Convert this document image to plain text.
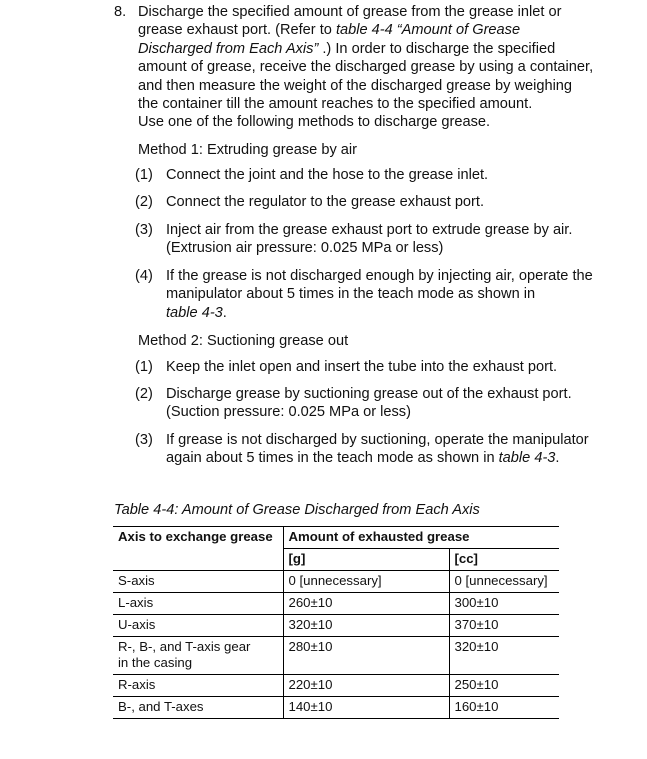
8. Discharge the specified amount of grease from the grease inlet or

grease exhaust port. (Refer to table 4-4 “Amount of Grease

Discharged from Each Axis” .) In order to discharge the specified

amount of grease, receive the discharged grease by using a container,

and then measure the weight of the discharged grease by weighing

the container till the amount reaches to the specified amount.

Use one of the following methods to discharge grease.

Method 1: Extruding grease by air
(1) Connect the joint and the hose to the grease inlet.
(2) Connect the regulator to the grease exhaust port.
(3) Inject air from the grease exhaust port to extrude grease by air.
(Extrusion air pressure: 0.025 MPa or less)
(4) If the grease is not discharged enough by injecting air, operate the
manipulator about 5 times in the teach mode as shown in
table 4-3.
Method 2: Suctioning grease out
(1) Keep the inlet open and insert the tube into the exhaust port.
(2) Discharge grease by suctioning grease out of the exhaust port.
(Suction pressure: 0.025 MPa or less)
(3) If grease is not discharged by suctioning, operate the manipulator
again about 5 times in the teach mode as shown in table 4-3.
Table 4-4: Amount of Grease Discharged from Each Axis
Axis to exchange grease	Amount of exhausted grease	
	[g]	[cc]
S-axis	0 [unnecessary]	0 [unnecessary]
L-axis	260±10	300±10
U-axis	320±10	370±10
R-, B-, and T-axis gear
in the casing	280±10	320±10
R-axis	220±10	250±10
B-, and T-axes	140±10	160±10
